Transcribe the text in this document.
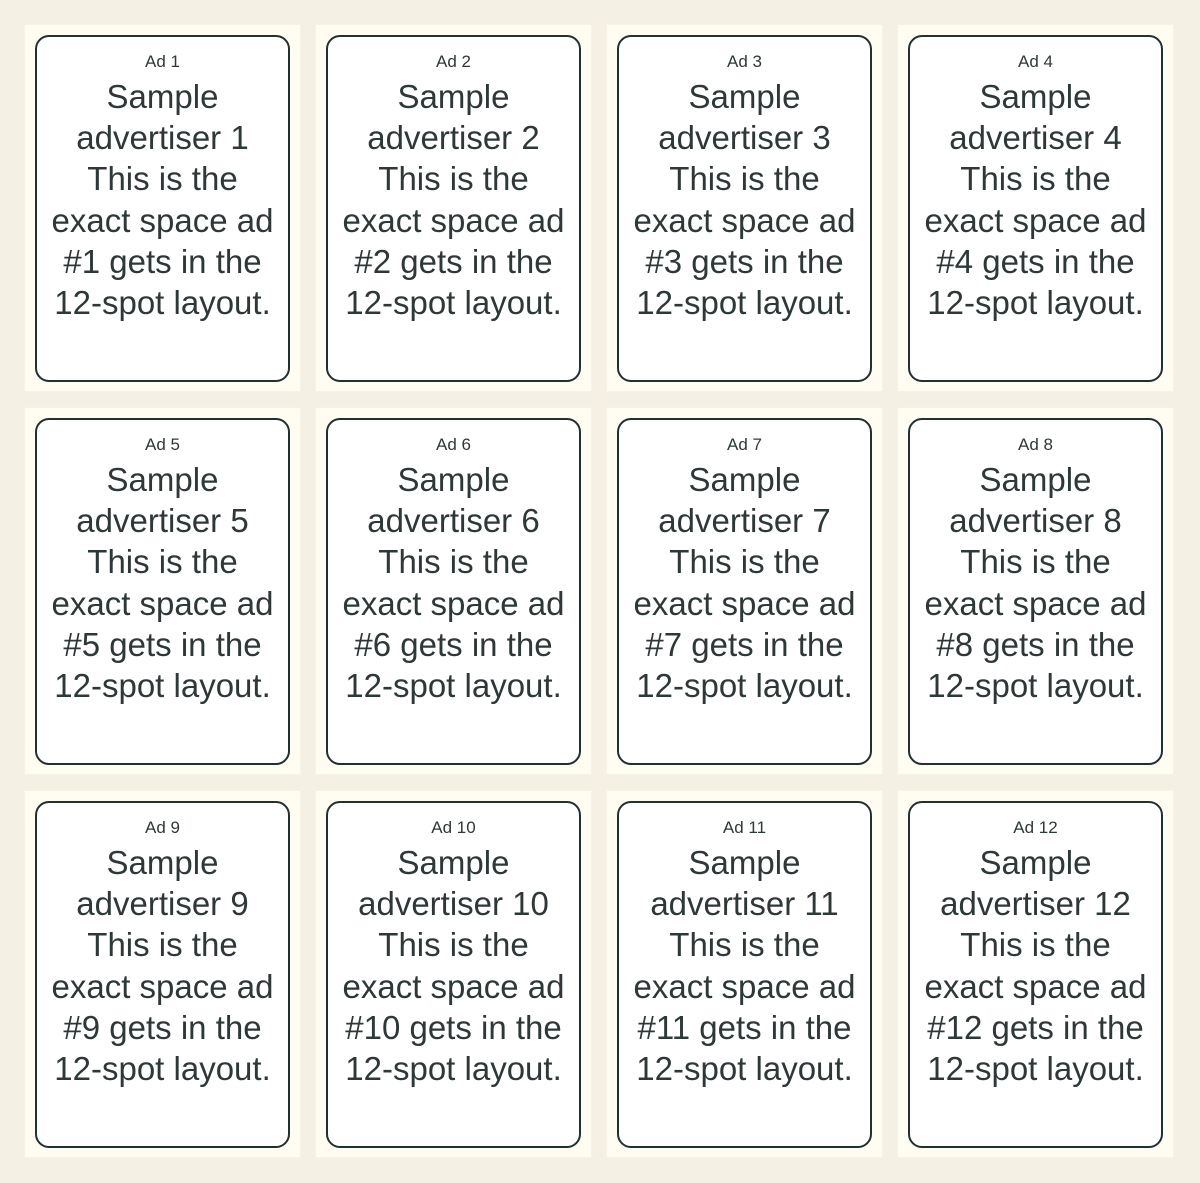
Ad 1
Sample advertiser 1
This is the exact space ad #1 gets in the 12-spot layout.
Ad 2
Sample advertiser 2
This is the exact space ad #2 gets in the 12-spot layout.
Ad 3
Sample advertiser 3
This is the exact space ad #3 gets in the 12-spot layout.
Ad 4
Sample advertiser 4
This is the exact space ad #4 gets in the 12-spot layout.
Ad 5
Sample advertiser 5
This is the exact space ad #5 gets in the 12-spot layout.
Ad 6
Sample advertiser 6
This is the exact space ad #6 gets in the 12-spot layout.
Ad 7
Sample advertiser 7
This is the exact space ad #7 gets in the 12-spot layout.
Ad 8
Sample advertiser 8
This is the exact space ad #8 gets in the 12-spot layout.
Ad 9
Sample advertiser 9
This is the exact space ad #9 gets in the 12-spot layout.
Ad 10
Sample advertiser 10
This is the exact space ad #10 gets in the 12-spot layout.
Ad 11
Sample advertiser 11
This is the exact space ad #11 gets in the 12-spot layout.
Ad 12
Sample advertiser 12
This is the exact space ad #12 gets in the 12-spot layout.
